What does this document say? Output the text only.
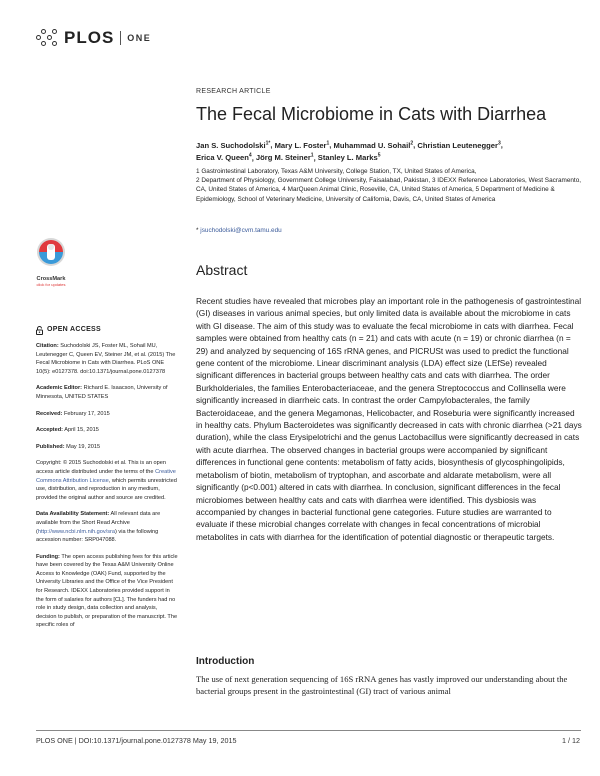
PLOS ONE
RESEARCH ARTICLE
The Fecal Microbiome in Cats with Diarrhea
Jan S. Suchodolski$^{1*}$, Mary L. Foster$^1$, Muhammad U. Sohail$^2$, Christian Leutenegger$^3$,
Erica V. Queen$^4$, Jörg M. Steiner$^1$, Stanley L. Marks$^5$

1 Gastrointestinal Laboratory, Texas A&M University, College Station, TX, United States of America,

2 Department of Physiology, Government College University, Faisalabad, Pakistan, 3 IDEXX Reference Laboratories, West Sacramento, CA, United States of America, 4 MarQueen Animal Clinic, Roseville, CA, United States of America, 5 Department of Medicine & Epidemiology, School of Veterinary Medicine, University of California, Davis, CA, United States of America

* jsuchodolski@cvm.tamu.edu
CrossMark
click for updates
Abstract

Recent studies have revealed that microbes play an important role in the pathogenesis of gastrointestinal (GI) diseases in various animal species, but only limited data is available about the microbiome in cats with GI disease. The aim of this study was to evaluate the fecal microbiome in cats with diarrhea. Fecal samples were obtained from healthy cats (n = 21) and cats with acute (n = 19) or chronic diarrhea (n = 29) and analyzed by sequencing of 16S rRNA genes, and PICRUSt was used to predict the functional gene content of the microbiome. Linear discriminant analysis (LDA) effect size (LEfSe) revealed significant differences in bacterial groups between healthy cats and cats with diarrhea. The order Burkholderiales, the families Enterobacteriaceae, and the genera Streptococcus and Collinsella were significantly increased in diarrheic cats. In contrast the order Campylobacterales, the family Bacteroidaceae, and the genera Megamonas, Helicobacter, and Roseburia were significantly increased in healthy cats. Phylum Bacteroidetes was significantly decreased in cats with chronic diarrhea (>21 days duration), while the class Erysipelotrichi and the genus Lactobacillus were significantly decreased in cats with acute diarrhea. The observed changes in bacterial groups were accompanied by significant differences in functional gene contents: metabolism of fatty acids, biosynthesis of glycosphingolipids, metabolism of biotin, metabolism of tryptophan, and ascorbate and aldarate metabolism, were all significantly (p<0.001) altered in cats with diarrhea. In conclusion, significant differences in the fecal microbiomes between healthy cats and cats with diarrhea were identified. This dysbiosis was accompanied by changes in bacterial functional gene categories. Future studies are warranted to evaluate if these microbial changes correlate with changes in fecal concentrations of microbial metabolites in cats with diarrhea for the identification of potential diagnostic or therapeutic targets.

OPEN ACCESS
Citation: Suchodolski JS, Foster ML, Sohail MU, Leutenegger C, Queen EV, Steiner JM, et al. (2015) The Fecal Microbiome in Cats with Diarrhea. PLoS ONE 10(5): e0127378. doi:10.1371/journal.pone.0127378
Academic Editor: Richard E. Isaacson, University of Minnesota, UNITED STATES
Received: February 17, 2015
Accepted: April 15, 2015
Published: May 19, 2015
Copyright: © 2015 Suchodolski et al. This is an open access article distributed under the terms of the Creative Commons Attribution License, which permits unrestricted use, distribution, and reproduction in any medium, provided the original author and source are credited.
Data Availability Statement: All relevant data are available from the Short Read Archive (http://www.ncbi.nlm.nih.gov/sra) via the following accession number: SRP047088.
Funding: The open access publishing fees for this article have been covered by the Texas A&M University Online Access to Knowledge (OAK) Fund, supported by the University Libraries and the Office of the Vice President for Research. IDEXX Laboratories provided support in the form of salaries for authors [CL]. The funders had no role in study design, data collection and analysis, decision to publish, or preparation of the manuscript. The specific roles of
Introduction

The use of next generation sequencing of 16S rRNA genes has vastly improved our understanding about the bacterial groups present in the gastrointestinal (GI) tract of various animal

PLOS ONE | DOI:10.1371/journal.pone.0127378 May 19, 2015	1 / 12
